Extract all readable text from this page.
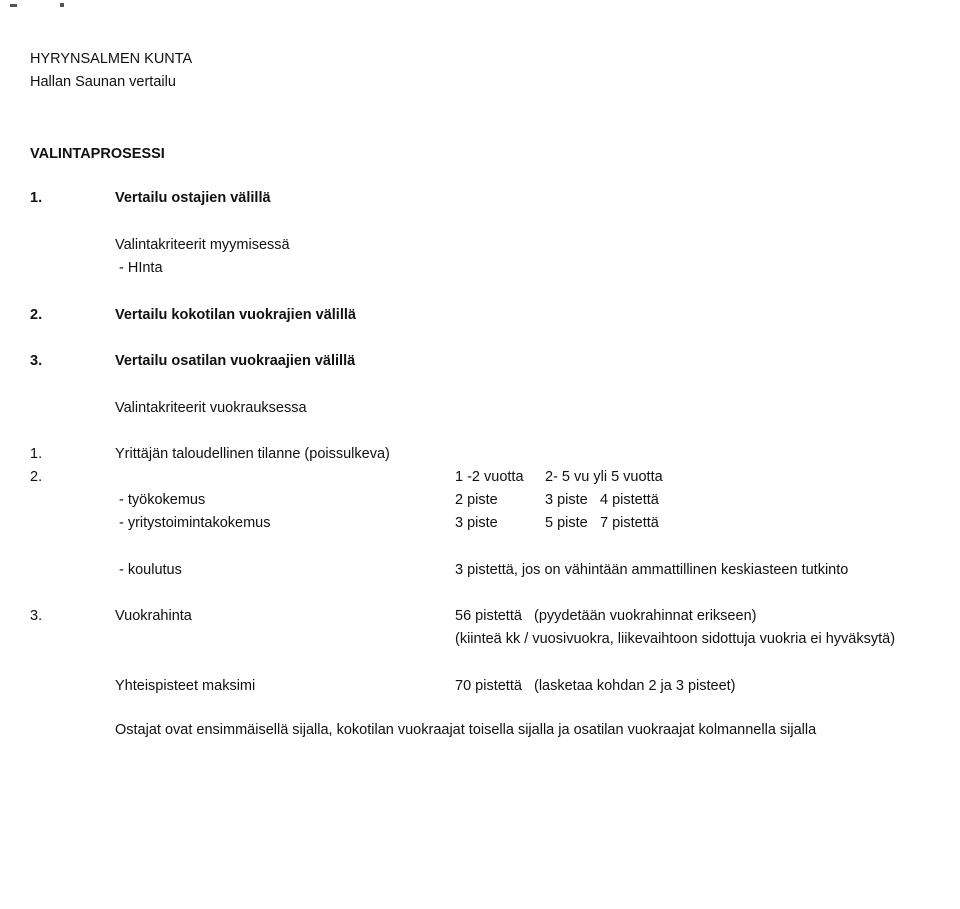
HYRYNSALMEN KUNTA
Hallan Saunan vertailu
VALINTAPROSESSI
1.	Vertailu ostajien välillä
Valintakriteerit myymisessä
- HInta
2.	Vertailu kokotilan vuokrajien välillä
3.	Vertailu osatilan vuokraajien välillä
Valintakriteerit vuokrauksessa
1.	Yrittäjän taloudellinen tilanne (poissulkeva)
2.	1 -2 vuotta 2- 5 vu yli 5 vuotta
- työkokemus	2 piste	3 piste 4 pistettä
- yritystoimintakokemus	3 piste	5 piste 7 pistettä
- koulutus	3 pistettä, jos on vähintään ammattillinen keskiasteen tutkinto
3.	Vuokrahinta	56 pistettä   (pyydetään vuokrahinnat erikseen)
(kiinteä kk / vuosivuokra, liikevaihtoon sidottuja vuokria ei hyväksytä)
Yhteispisteet maksimi	70 pistettä   (lasketaa kohdan 2 ja 3 pisteet)
Ostajat ovat ensimmäisellä sijalla, kokotilan vuokraajat toisella sijalla ja osatilan vuokraajat kolmannella sijalla
